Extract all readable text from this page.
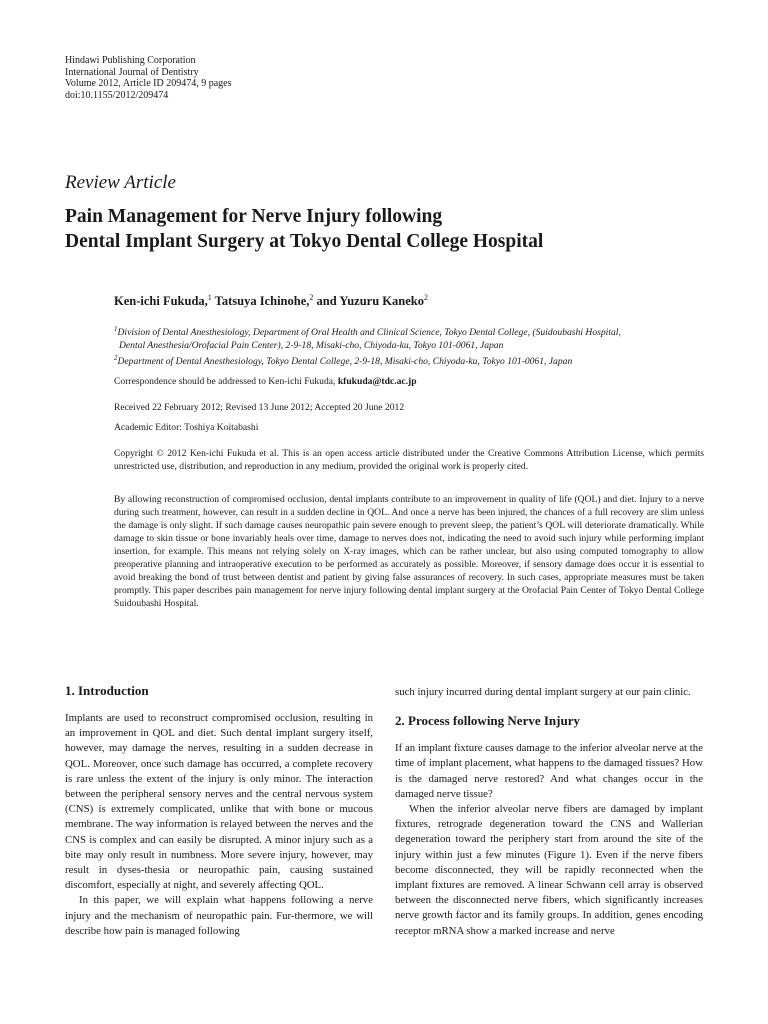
Hindawi Publishing Corporation
International Journal of Dentistry
Volume 2012, Article ID 209474, 9 pages
doi:10.1155/2012/209474
Review Article
Pain Management for Nerve Injury following
Dental Implant Surgery at Tokyo Dental College Hospital
Ken-ichi Fukuda,$^1$ Tatsuya Ichinohe,$^2$ and Yuzuru Kaneko$^2$

$^1$Division of Dental Anesthesiology, Department of Oral Health and Clinical Science, Tokyo Dental College, (Suidoubashi Hospital,

Dental Anesthesia/Orofacial Pain Center), 2-9-18, Misaki-cho, Chiyoda-ku, Tokyo 101-0061, Japan

$^2$Department of Dental Anesthesiology, Tokyo Dental College, 2-9-18, Misaki-cho, Chiyoda-ku, Tokyo 101-0061, Japan

Correspondence should be addressed to Ken-ichi Fukuda, kfukuda@tdc.ac.jp
Received 22 February 2012; Revised 13 June 2012; Accepted 20 June 2012
Academic Editor: Toshiya Koitabashi
Copyright © 2012 Ken-ichi Fukuda et al. This is an open access article distributed under the Creative Commons Attribution License, which permits unrestricted use, distribution, and reproduction in any medium, provided the original work is properly cited.
By allowing reconstruction of compromised occlusion, dental implants contribute to an improvement in quality of life (QOL) and diet. Injury to a nerve during such treatment, however, can result in a sudden decline in QOL. And once a nerve has been injured, the chances of a full recovery are slim unless the damage is only slight. If such damage causes neuropathic pain severe enough to prevent sleep, the patient’s QOL will deteriorate dramatically. While damage to skin tissue or bone invariably heals over time, damage to nerves does not, indicating the need to avoid such injury while performing implant insertion, for example. This means not relying solely on X-ray images, which can be rather unclear, but also using computed tomography to allow preoperative planning and intraoperative execution to be performed as accurately as possible. Moreover, if sensory damage does occur it is essential to avoid breaking the bond of trust between dentist and patient by giving false assurances of recovery. In such cases, appropriate measures must be taken promptly. This paper describes pain management for nerve injury following dental implant surgery at the Orofacial Pain Center of Tokyo Dental College Suidoubashi Hospital.
1. Introduction

Implants are used to reconstruct compromised occlusion, resulting in an improvement in QOL and diet. Such dental implant surgery itself, however, may damage the nerves, resulting in a sudden decrease in QOL. Moreover, once such damage has occurred, a complete recovery is rare unless the extent of the injury is only minor. The interaction between the peripheral sensory nerves and the central nervous system (CNS) is extremely complicated, unlike that with bone or mucous membrane. The way information is relayed between the nerves and the CNS is complex and can easily be disrupted. A minor injury such as a bite may only result in numbness. More severe injury, however, may result in dyses-thesia or neuropathic pain, causing sustained discomfort, especially at night, and severely affecting QOL.

In this paper, we will explain what happens following a nerve injury and the mechanism of neuropathic pain. Fur-thermore, we will describe how pain is managed following

such injury incurred during dental implant surgery at our pain clinic.

2. Process following Nerve Injury

If an implant fixture causes damage to the inferior alveolar nerve at the time of implant placement, what happens to the damaged tissues? How is the damaged nerve restored? And what changes occur in the damaged nerve tissue?

When the inferior alveolar nerve fibers are damaged by implant fixtures, retrograde degeneration toward the CNS and Wallerian degeneration toward the periphery start from around the site of the injury within just a few minutes (Figure 1). Even if the nerve fibers become disconnected, they will be rapidly reconnected when the implant fixtures are removed. A linear Schwann cell array is observed between the disconnected nerve fibers, which significantly increases nerve growth factor and its family groups. In addition, genes encoding receptor mRNA show a marked increase and nerve
